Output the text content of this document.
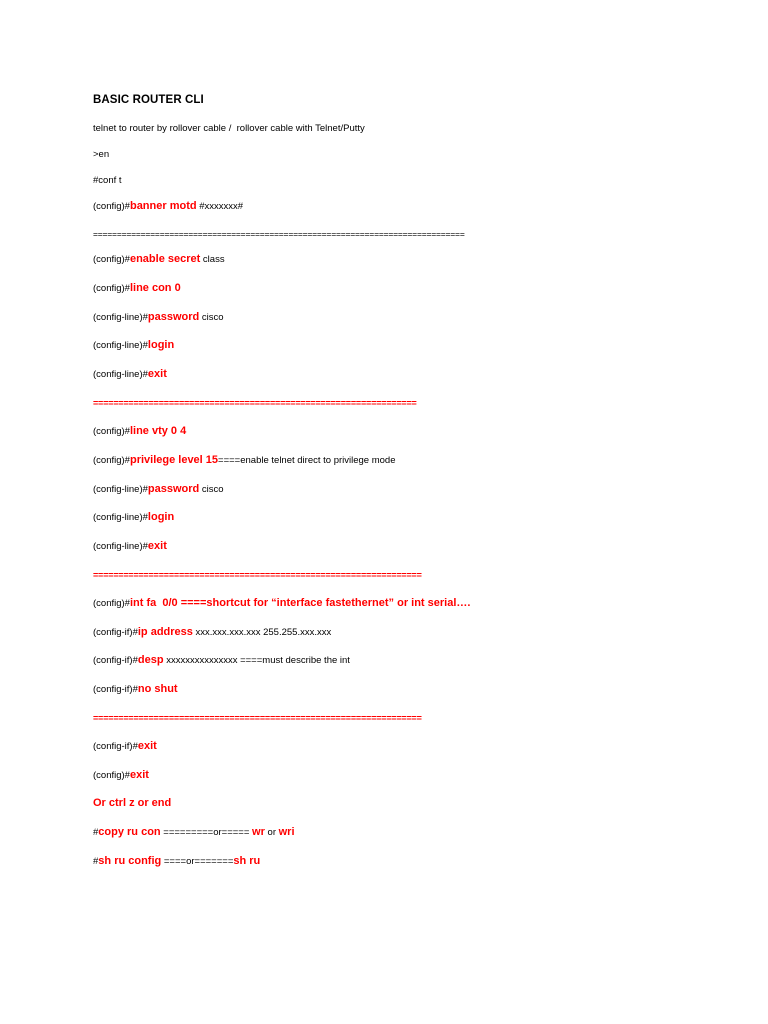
BASIC ROUTER CLI
telnet to router by rollover cable /  rollover cable with Telnet/Putty
>en
#conf t
(config)#banner motd #xxxxxxx#
==============================================================================
(config)#enable secret class
(config)#line con 0
(config-line)#password cisco
(config-line)#login
(config-line)#exit
================================================================
(config)#line vty 0 4
(config)#privilege level 15====enable telnet direct to privilege mode
(config-line)#password cisco
(config-line)#login
(config-line)#exit
=================================================================
(config)#int fa  0/0 ====shortcut for “interface fastethernet” or int serial….
(config-if)#ip address xxx.xxx.xxx.xxx 255.255.xxx.xxx
(config-if)#desp xxxxxxxxxxxxxxx ====must describe the int
(config-if)#no shut
=================================================================
(config-if)#exit
(config)#exit
Or ctrl z or end
#copy ru con =========or===== wr or wri
#sh ru config ====or=======sh ru
